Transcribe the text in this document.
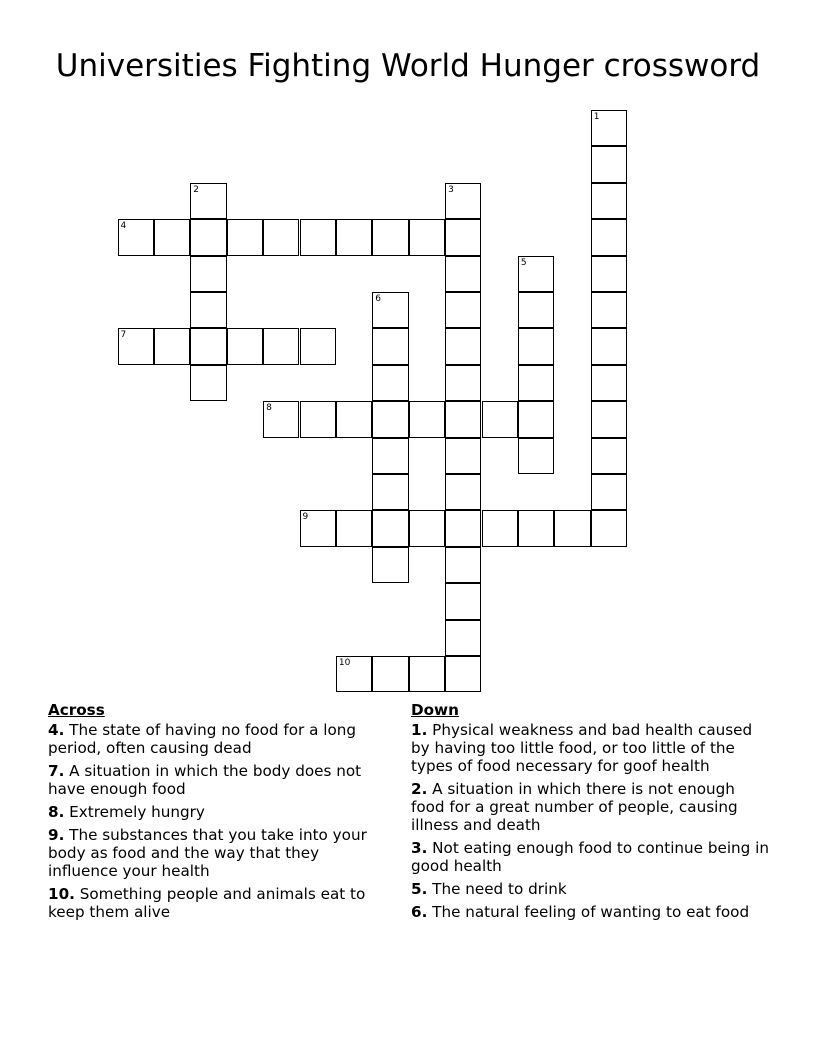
Universities Fighting World Hunger crossword
4
7
8
9
10
1
2	3
5
6
Across
4. The state of having no food for a long period, often causing dead
7. A situation in which the body does not have enough food
8. Extremely hungry
9. The substances that you take into your body as food and the way that they influence your health
10. Something people and animals eat to keep them alive
Down
1. Physical weakness and bad health caused by having too little food, or too little of the types of food necessary for goof health
2. A situation in which there is not enough food for a great number of people, causing illness and death
3. Not eating enough food to continue being in good health
5. The need to drink
6. The natural feeling of wanting to eat food
